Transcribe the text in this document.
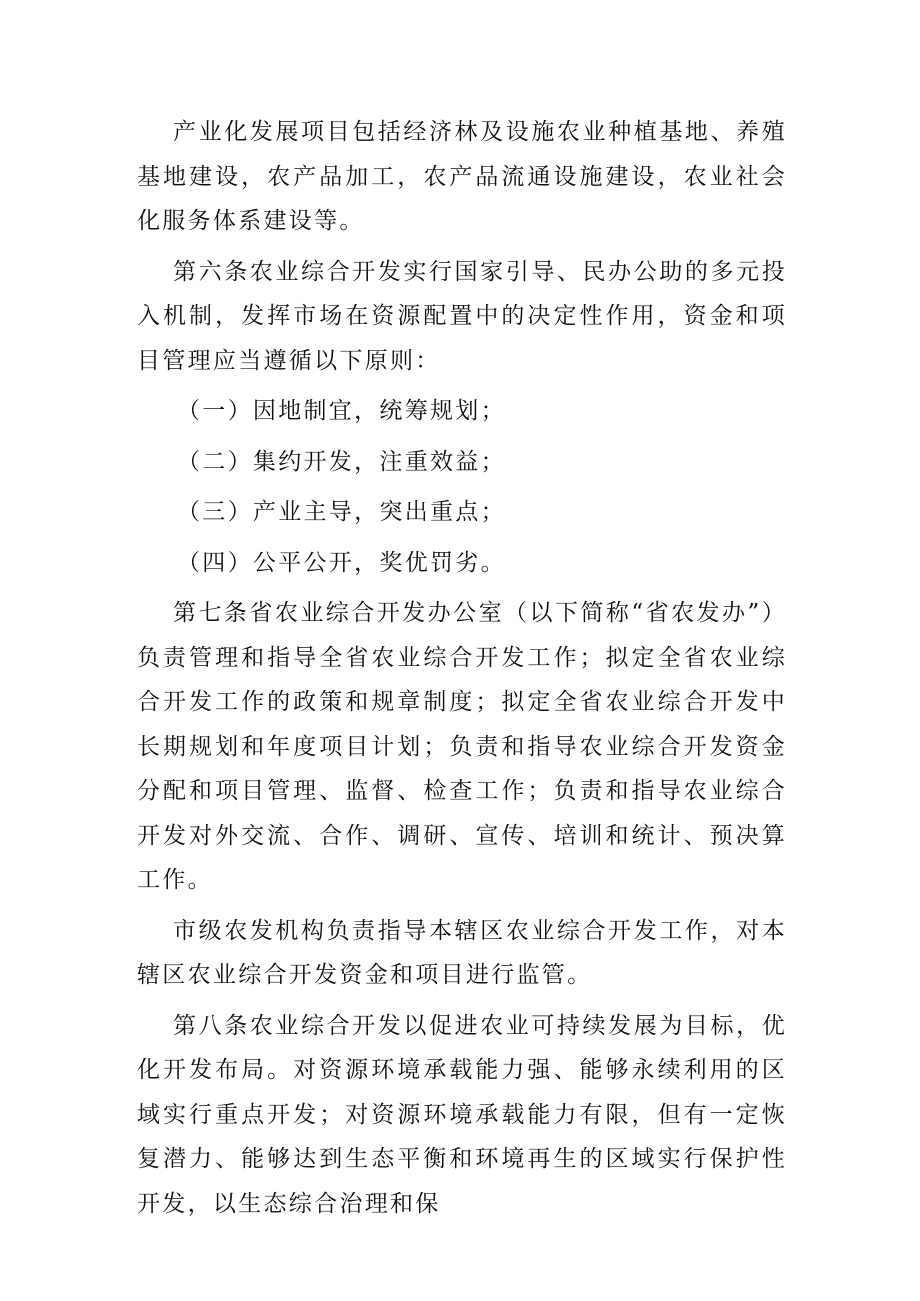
产业化发展项目包括经济林及设施农业种植基地、养殖基地建设，农产品加工，农产品流通设施建设，农业社会化服务体系建设等。

第六条农业综合开发实行国家引导、民办公助的多元投入机制，发挥市场在资源配置中的决定性作用，资金和项目管理应当遵循以下原则：

（一）因地制宜，统筹规划；

（二）集约开发，注重效益；

（三）产业主导，突出重点；

（四）公平公开，奖优罚劣。

第七条省农业综合开发办公室（以下简称“省农发办”）负责管理和指导全省农业综合开发工作；拟定全省农业综合开发工作的政策和规章制度；拟定全省农业综合开发中长期规划和年度项目计划；负责和指导农业综合开发资金分配和项目管理、监督、检查工作；负责和指导农业综合开发对外交流、合作、调研、宣传、培训和统计、预决算工作。

市级农发机构负责指导本辖区农业综合开发工作，对本辖区农业综合开发资金和项目进行监管。

第八条农业综合开发以促进农业可持续发展为目标，优化开发布局。对资源环境承载能力强、能够永续利用的区域实行重点开发；对资源环境承载能力有限，但有一定恢复潜力、能够达到生态平衡和环境再生的区域实行保护性开发，以生态综合治理和保
